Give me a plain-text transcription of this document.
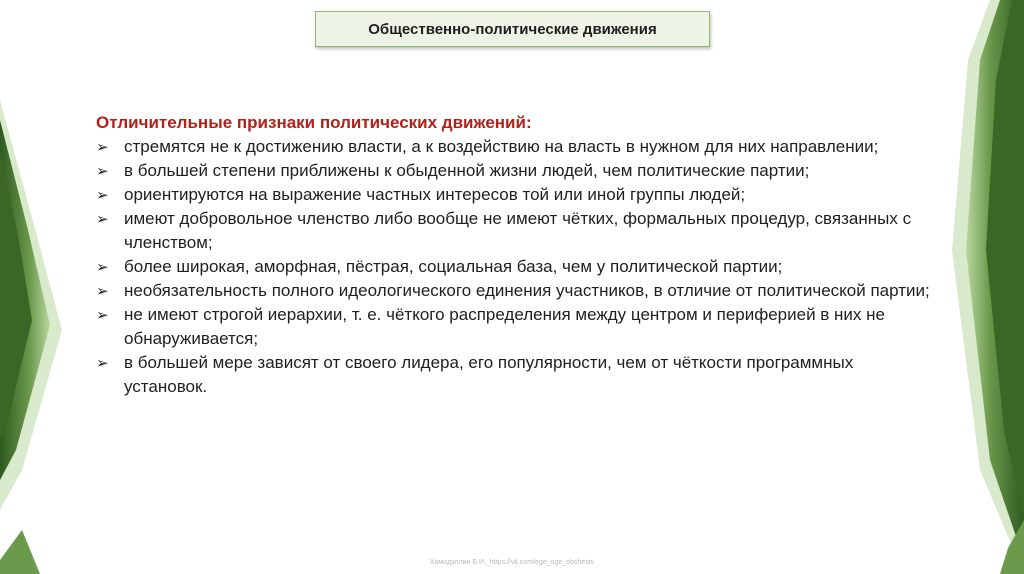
Общественно-политические движения

Отличительные признаки политических движений:

➢ стремятся не к достижению власти, а к воздействию на власть в нужном для них направлении;
➢ в большей степени приближены к обыденной жизни людей, чем политические партии;
➢ ориентируются на выражение частных интересов той или иной группы людей;
➢ имеют добровольное членство либо вообще не имеют чётких, формальных процедур, связанных с членством;
➢ более широкая, аморфная, пёстрая, социальная база, чем у политической партии;
➢ необязательность полного идеологического единения участников, в отличие от политической партии;
➢ не имеют строгой иерархии, т. е. чёткого распределения между центром и периферией в них не обнаруживается;
➢ в большей мере зависят от своего лидера, его популярности, чем от чёткости программных установок.
Хамидуллин Б.И._https://vk.com/ege_oge_obshestv
